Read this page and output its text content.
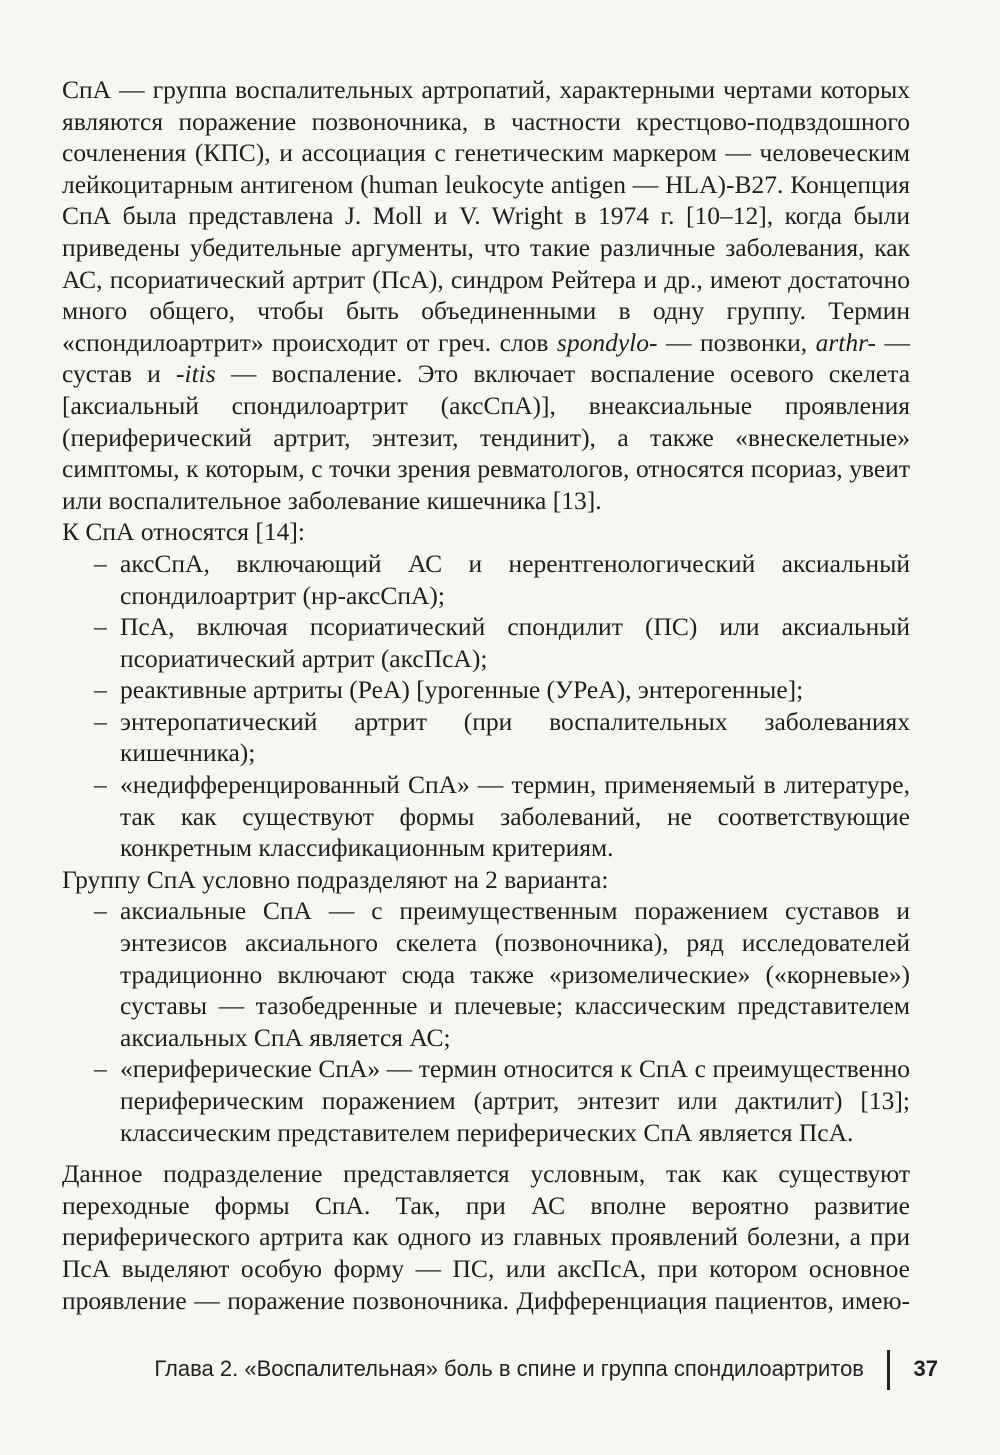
СпА — группа воспалительных артропатий, характерными чертами которых являются поражение позвоночника, в частности крестцово-подвздошного сочленения (КПС), и ассоциация с генетическим маркером — человеческим лейкоцитарным антигеном (human leukocyte antigen — HLA)-B27. Концепция СпА была представлена J. Moll и V. Wright в 1974 г. [10–12], когда были приведены убедительные аргументы, что такие различные заболевания, как АС, псориатический артрит (ПсА), синдром Рейтера и др., имеют достаточно много общего, чтобы быть объединенными в одну группу. Термин «спондилоартрит» происходит от греч. слов spondylo- — позвонки, arthr- — сустав и -itis — воспаление. Это включает воспаление осевого скелета [аксиальный спондилоартрит (аксСпА)], внеаксиальные проявления (периферический артрит, энтезит, тендинит), а также «внескелетные» симптомы, к которым, с точки зрения ревматологов, относятся псориаз, увеит или воспалительное заболевание кишечника [13].

К СпА относятся [14]:

– аксСпА, включающий АС и нерентгенологический аксиальный спондилоартрит (нр-аксСпА);
– ПсА, включая псориатический спондилит (ПС) или аксиальный псориатический артрит (аксПсА);
– реактивные артриты (РеА) [урогенные (УРеА), энтерогенные];
– энтеропатический артрит (при воспалительных заболеваниях кишечника);
– «недифференцированный СпА» — термин, применяемый в литературе, так как существуют формы заболеваний, не соответствующие конкретным классификационным критериям.

Группу СпА условно подразделяют на 2 варианта:

– аксиальные СпА — с преимущественным поражением суставов и энтезисов аксиального скелета (позвоночника), ряд исследователей традиционно включают сюда также «ризомелические» («корневые») суставы — тазобедренные и плечевые; классическим представителем аксиальных СпА является АС;
– «периферические СпА» — термин относится к СпА с преимущественно периферическим поражением (артрит, энтезит или дактилит) [13]; классическим представителем периферических СпА является ПсА.

Данное подразделение представляется условным, так как существуют переходные формы СпА. Так, при АС вполне вероятно развитие периферического артрита как одного из главных проявлений болезни, а при ПсА выделяют особую форму — ПС, или аксПсА, при котором основное проявление — поражение позвоночника. Дифференциация пациентов, имею-

Глава 2. «Воспалительная» боль в спине и группа спондилоартритов 37
